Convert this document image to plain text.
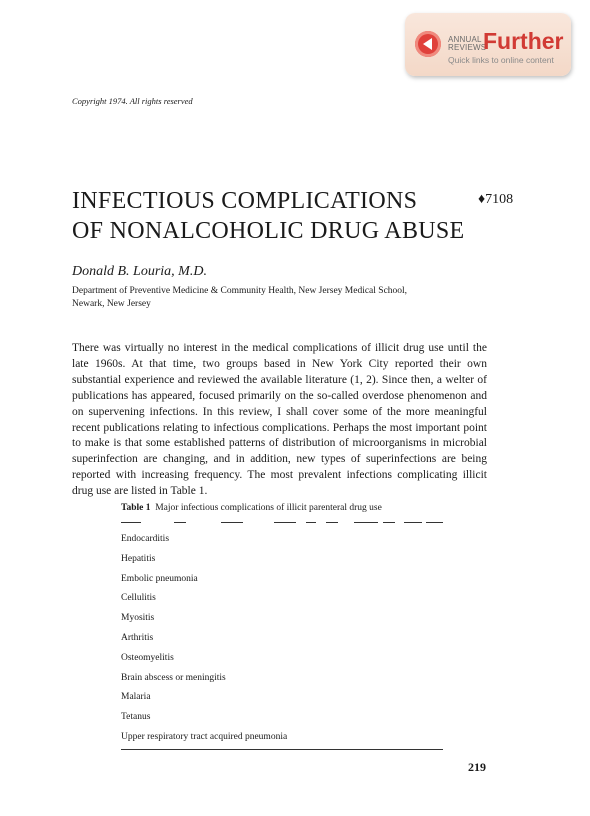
ANNUAL
REVIEWS
Further
Quick links to online content
Copyright 1974. All rights reserved
INFECTIOUS COMPLICATIONS
OF NONALCOHOLIC DRUG ABUSE
♦7108
Donald B. Louria, M.D.
Department of Preventive Medicine & Community Health, New Jersey Medical School,
Newark, New Jersey

There was virtually no interest in the medical complications of illicit drug use until the late 1960s. At that time, two groups based in New York City reported their own substantial experience and reviewed the available literature (1, 2). Since then, a welter of publications has appeared, focused primarily on the so-called overdose phenomenon and on supervening infections. In this review, I shall cover some of the more meaningful recent publications relating to infectious complications. Perhaps the most important point to make is that some established patterns of distribution of microorganisms in microbial superinfection are changing, and in addition, new types of superinfections are being reported with increasing frequency. The most prevalent infections complicating illicit drug use are listed in Table 1.

Table 1 Major infectious complications of illicit parenteral drug use
Endocarditis
Hepatitis
Embolic pneumonia
Cellulitis
Myositis
Arthritis
Osteomyelitis
Brain abscess or meningitis
Malaria
Tetanus
Upper respiratory tract acquired pneumonia
219
